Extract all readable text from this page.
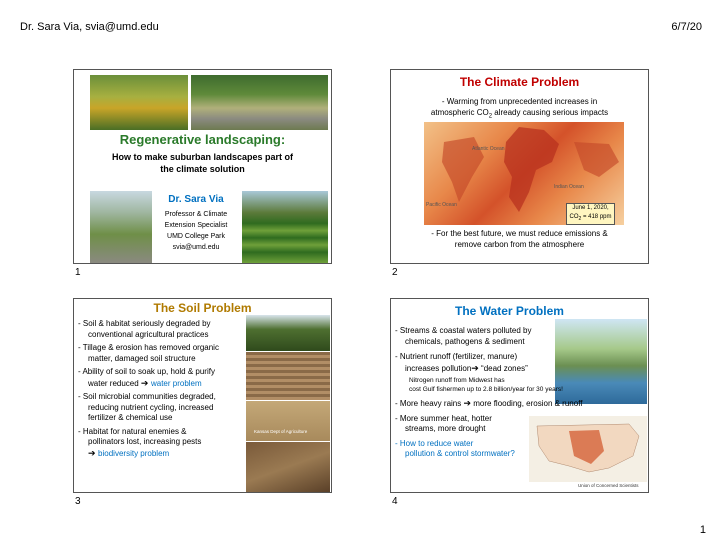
Dr. Sara Via, svia@umd.edu	6/7/20
Regenerative landscaping:
How to make suburban landscapes part of the climate solution
Dr. Sara Via
Professor & Climate
Extension Specialist
UMD College Park
svia@umd.edu
1
The Climate Problem
- Warming from unprecedented increases in
atmospheric $CO_2$ already causing serious impacts
Atlantic Ocean
Indian Ocean
Pacific Ocean	June 1, 2020,
$CO_2 = 418$ ppm
- For the best future, we must reduce emissions &
remove carbon from the atmosphere
2
The Soil Problem
Kansas Dept of Agriculture
- Soil & habitat seriously degraded by
conventional agricultural practices
- Tillage & erosion has removed organic
matter, damaged soil structure
- Ability of soil to soak up, hold & purify
water reduced ➔ water problem
- Soil microbial communities degraded,
reducing nutrient cycling, increased
fertilizer & chemical use
- Habitat for natural enemies &
pollinators lost, increasing pests
➔ biodiversity problem
3
The Water Problem
Union of Concerned Scientists
- Streams & coastal waters polluted by
chemicals, pathogens & sediment
- Nutrient runoff (fertilizer, manure)
increases pollution➔ “dead zones”
Nitrogen runoff from Midwest has
cost Gulf fishermen up to 2.8 billion/year for 30 years!
- More heavy rains ➔ more flooding, erosion & runoff
- More summer heat, hotter
streams, more drought
- How to reduce water
pollution & control stormwater?
4
1
